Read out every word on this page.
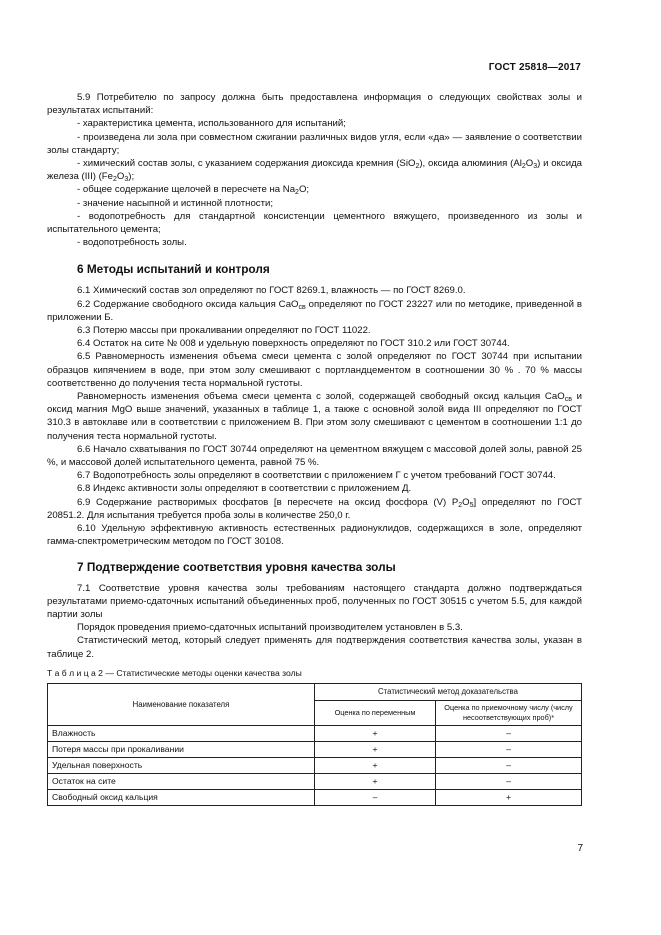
ГОСТ 25818—2017

5.9 Потребителю по запросу должна быть предоставлена информация о следующих свойствах золы и результатах испытаний:

- характеристика цемента, использованного для испытаний;

- произведена ли зола при совместном сжигании различных видов угля, если «да» — заявление о соответствии золы стандарту;

- химический состав золы, с указанием содержания диоксида кремния (SiO$_2$), оксида алюминия $(Al_2O_3)$ и оксида железа (III) $(Fe_2O_3)$;

- общее содержание щелочей в пересчете на $Na_2O$;

- значение насыпной и истинной плотности;

- водопотребность для стандартной консистенции цементного вяжущего, произведенного из золы и испытательного цемента;

- водопотребность золы.

6 Методы испытаний и контроля

6.1 Химический состав зол определяют по ГОСТ 8269.1, влажность — по ГОСТ 8269.0.

6.2 Содержание свободного оксида кальция СаО$_{св}$ определяют по ГОСТ 23227 или по методике, приведенной в приложении Б.

6.3 Потерю массы при прокаливании определяют по ГОСТ 11022.

6.4 Остаток на сите № 008 и удельную поверхность определяют по ГОСТ 310.2 или ГОСТ 30744.

6.5 Равномерность изменения объема смеси цемента с золой определяют по ГОСТ 30744 при испытании образцов кипячением в воде, при этом золу смешивают с портландцементом в соотношении 30 % . 70 % массы соответственно до получения теста нормальной густоты.

Равномерность изменения объема смеси цемента с золой, содержащей свободный оксид кальция СаО$_{св}$ и оксид магния MgO выше значений, указанных в таблице 1, а также с основной золой вида III определяют по ГОСТ 310.3 в автоклаве или в соответствии с приложением В. При этом золу смешивают с цементом в соотношении 1:1 до получения теста нормальной густоты.

6.6 Начало схватывания по ГОСТ 30744 определяют на цементном вяжущем с массовой долей золы, равной 25 %, и массовой долей испытательного цемента, равной 75 %.

6.7 Водопотребность золы определяют в соответствии с приложением Г с учетом требований ГОСТ 30744.

6.8 Индекс активности золы определяют в соответствии с приложением Д.

6.9 Содержание растворимых фосфатов [в пересчете на оксид фосфора (V) $Р_2О_5$] определяют по ГОСТ 20851.2. Для испытания требуется проба золы в количестве 250,0 г.

6.10 Удельную эффективную активность естественных радионуклидов, содержащихся в золе, определяют гамма-спектрометрическим методом по ГОСТ 30108.

7 Подтверждение соответствия уровня качества золы

7.1 Соответствие уровня качества золы требованиям настоящего стандарта должно подтверждаться результатами приемо-сдаточных испытаний объединенных проб, полученных по ГОСТ 30515 с учетом 5.5, для каждой партии золы

Порядок проведения приемо-сдаточных испытаний производителем установлен в 5.3.

Статистический метод, который следует применять для подтверждения соответствия качества золы, указан в таблице 2.

Т а б л и ц а 2 — Статистические методы оценки качества золы
Наименование показателя	Статистический метод доказательства	
	Оценка по переменным	Оценка по приемочному числу (числу несоответствующих проб)*
Влажность	+	–
Потеря массы при прокаливании	+	–
Удельная поверхность	+	–
Остаток на сите	+	–
Свободный оксид кальция	–	+
7
